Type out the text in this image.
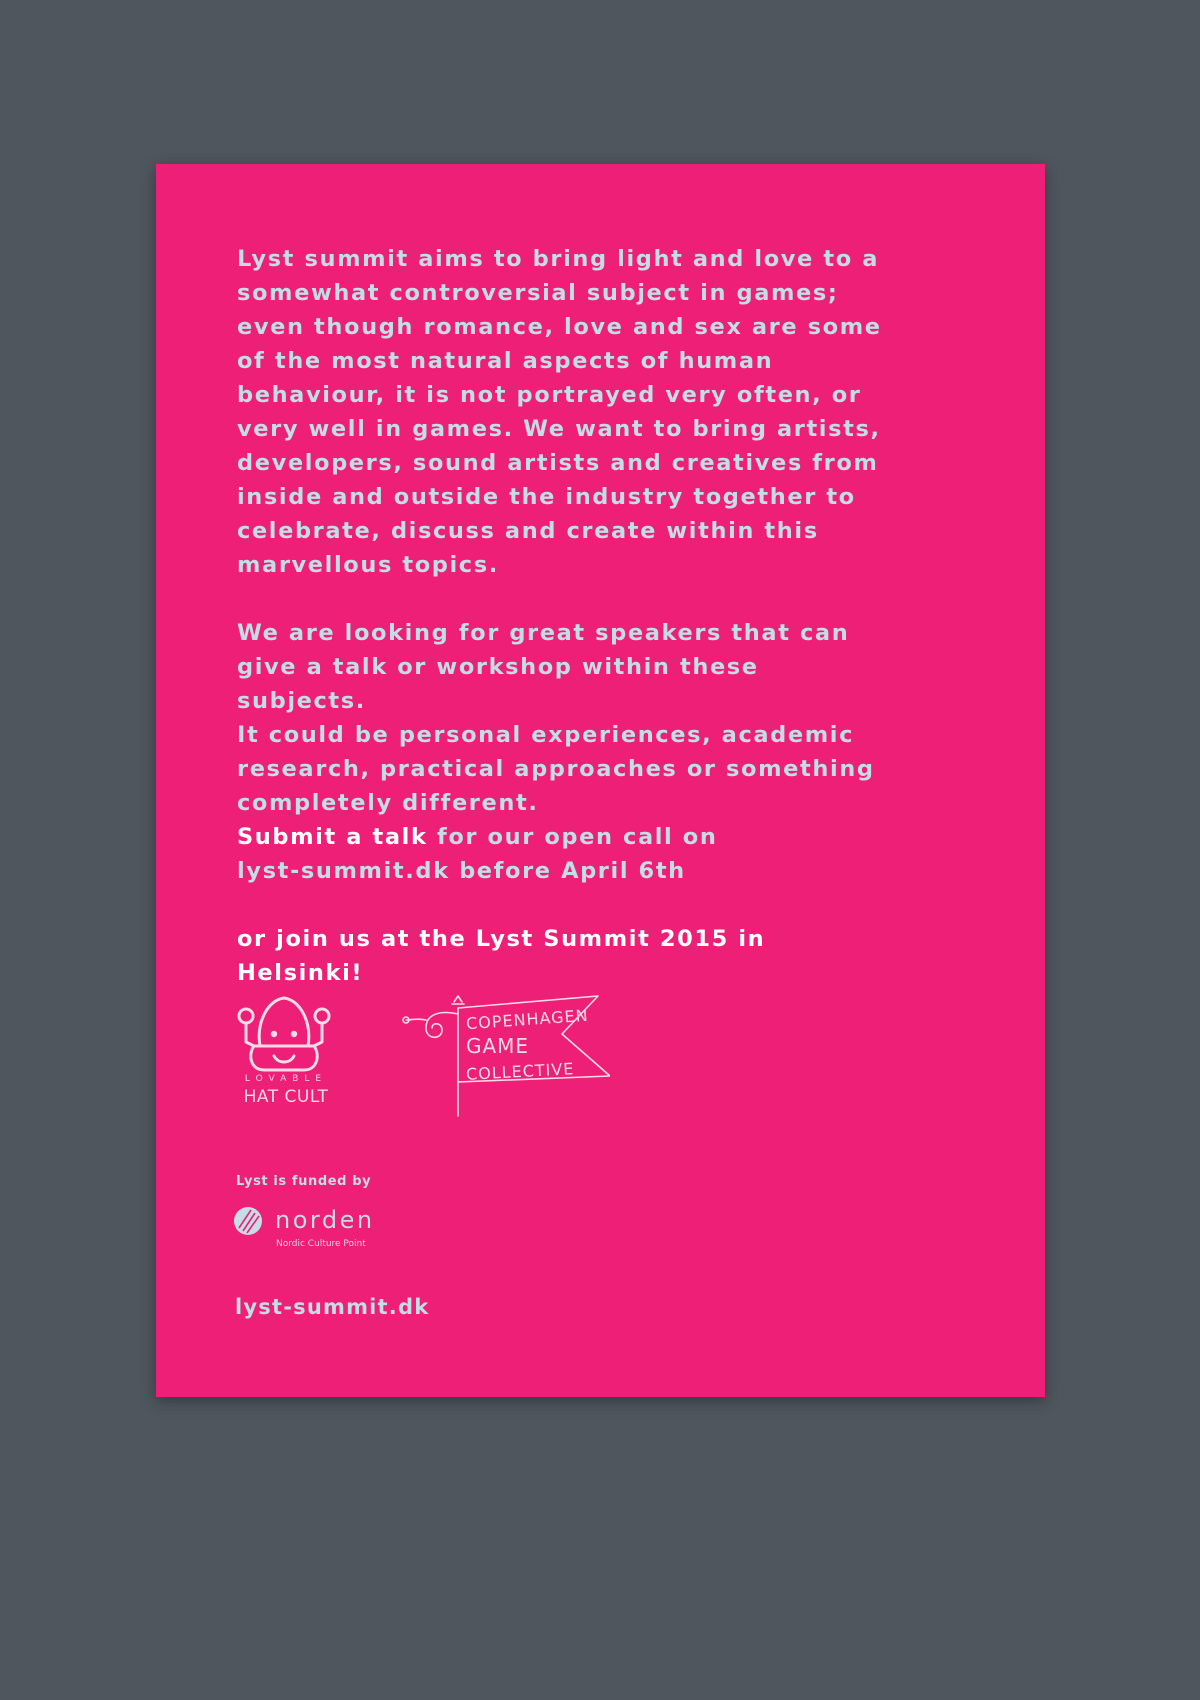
Lyst summit aims to bring light and love to a

somewhat controversial subject in games;

even though romance, love and sex are some

of the most natural aspects of human

behaviour, it is not portrayed very often, or

very well in games. We want to bring artists,

developers, sound artists and creatives from

inside and outside the industry together to

celebrate, discuss and create within this

marvellous topics.

We are looking for great speakers that can

give a talk or workshop within these subjects.

It could be personal experiences, academic

research, practical approaches or something

completely different.

Submit a talk for our open call on

lyst-summit.dk before April 6th

or join us at the Lyst Summit 2015 in Helsinki!

LOVABLE
HAT CULT
COPENHAGEN
GAME
COLLECTIVE
Lyst is funded by
norden
Nordic Culture Point
lyst-summit.dk
